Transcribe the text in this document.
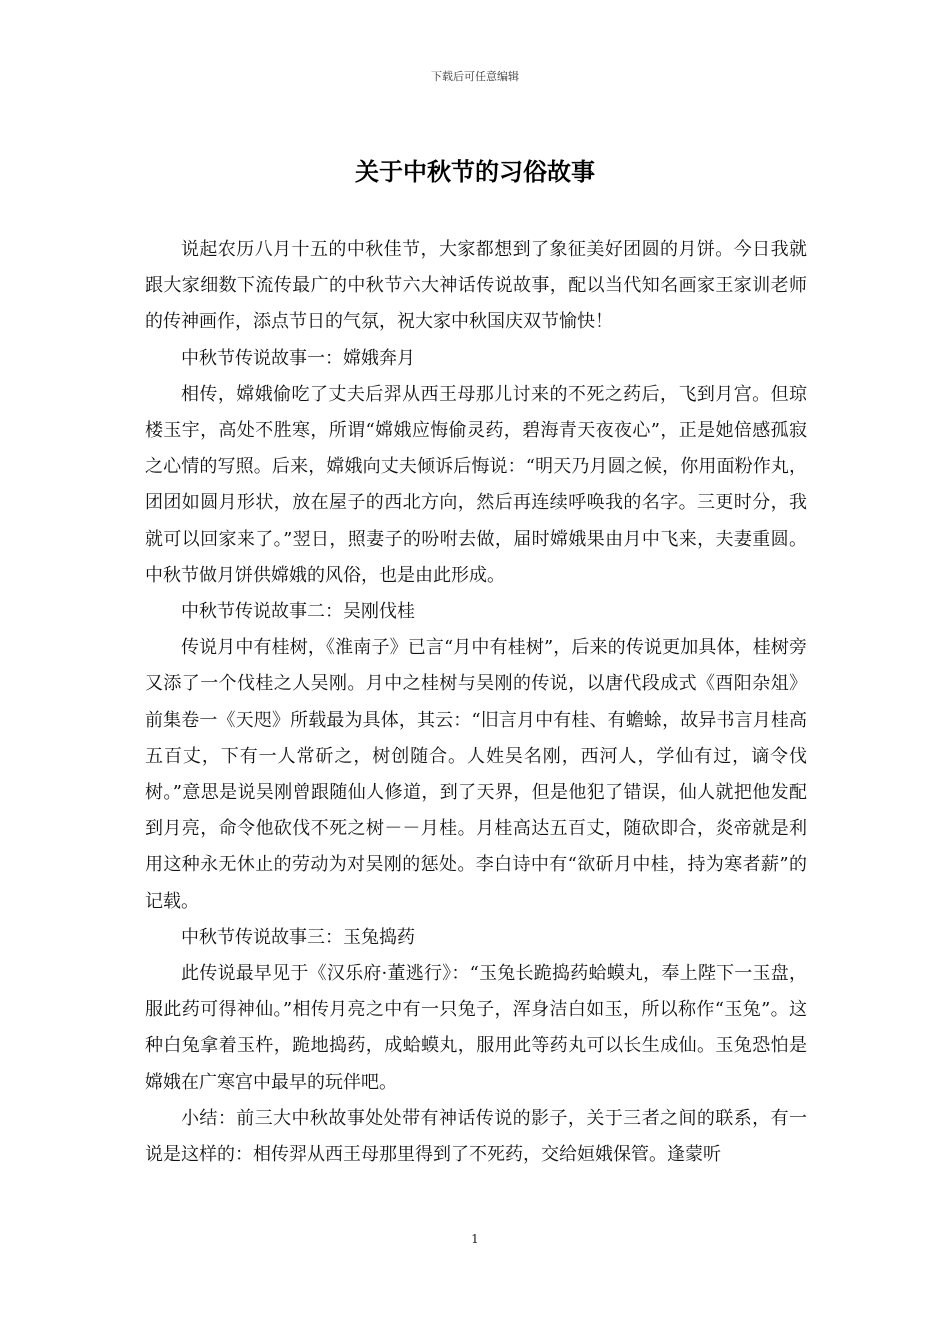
下载后可任意编辑
关于中秋节的习俗故事

说起农历八月十五的中秋佳节，大家都想到了象征美好团圆的月饼。今日我就跟大家细数下流传最广的中秋节六大神话传说故事，配以当代知名画家王家训老师的传神画作，添点节日的气氛，祝大家中秋国庆双节愉快！

中秋节传说故事一：嫦娥奔月

相传，嫦娥偷吃了丈夫后羿从西王母那儿讨来的不死之药后，飞到月宫。但琼楼玉宇，高处不胜寒，所谓“嫦娥应悔偷灵药，碧海青天夜夜心”，正是她倍感孤寂之心情的写照。后来，嫦娥向丈夫倾诉后悔说：“明天乃月圆之候，你用面粉作丸，团团如圆月形状，放在屋子的西北方向，然后再连续呼唤我的名字。三更时分，我就可以回家来了。”翌日，照妻子的吩咐去做，届时嫦娥果由月中飞来，夫妻重圆。中秋节做月饼供嫦娥的风俗，也是由此形成。

中秋节传说故事二：吴刚伐桂

传说月中有桂树，《淮南子》已言“月中有桂树”，后来的传说更加具体，桂树旁又添了一个伐桂之人吴刚。月中之桂树与吴刚的传说，以唐代段成式《酉阳杂俎》前集卷一《天咫》所载最为具体，其云：“旧言月中有桂、有蟾蜍，故异书言月桂高五百丈，下有一人常斫之，树创随合。人姓吴名刚，西河人，学仙有过，谪令伐树。”意思是说吴刚曾跟随仙人修道，到了天界，但是他犯了错误，仙人就把他发配到月亮，命令他砍伐不死之树－－月桂。月桂高达五百丈，随砍即合，炎帝就是利用这种永无休止的劳动为对吴刚的惩处。李白诗中有“欲斫月中桂，持为寒者薪”的记载。

中秋节传说故事三：玉兔捣药

此传说最早见于《汉乐府·董逃行》：“玉兔长跪捣药蛤蟆丸，奉上陛下一玉盘，服此药可得神仙。”相传月亮之中有一只兔子，浑身洁白如玉，所以称作“玉兔”。这种白兔拿着玉杵，跪地捣药，成蛤蟆丸，服用此等药丸可以长生成仙。玉兔恐怕是嫦娥在广寒宫中最早的玩伴吧。

小结：前三大中秋故事处处带有神话传说的影子，关于三者之间的联系，有一说是这样的：相传羿从西王母那里得到了不死药，交给姮娥保管。逢蒙听

1
